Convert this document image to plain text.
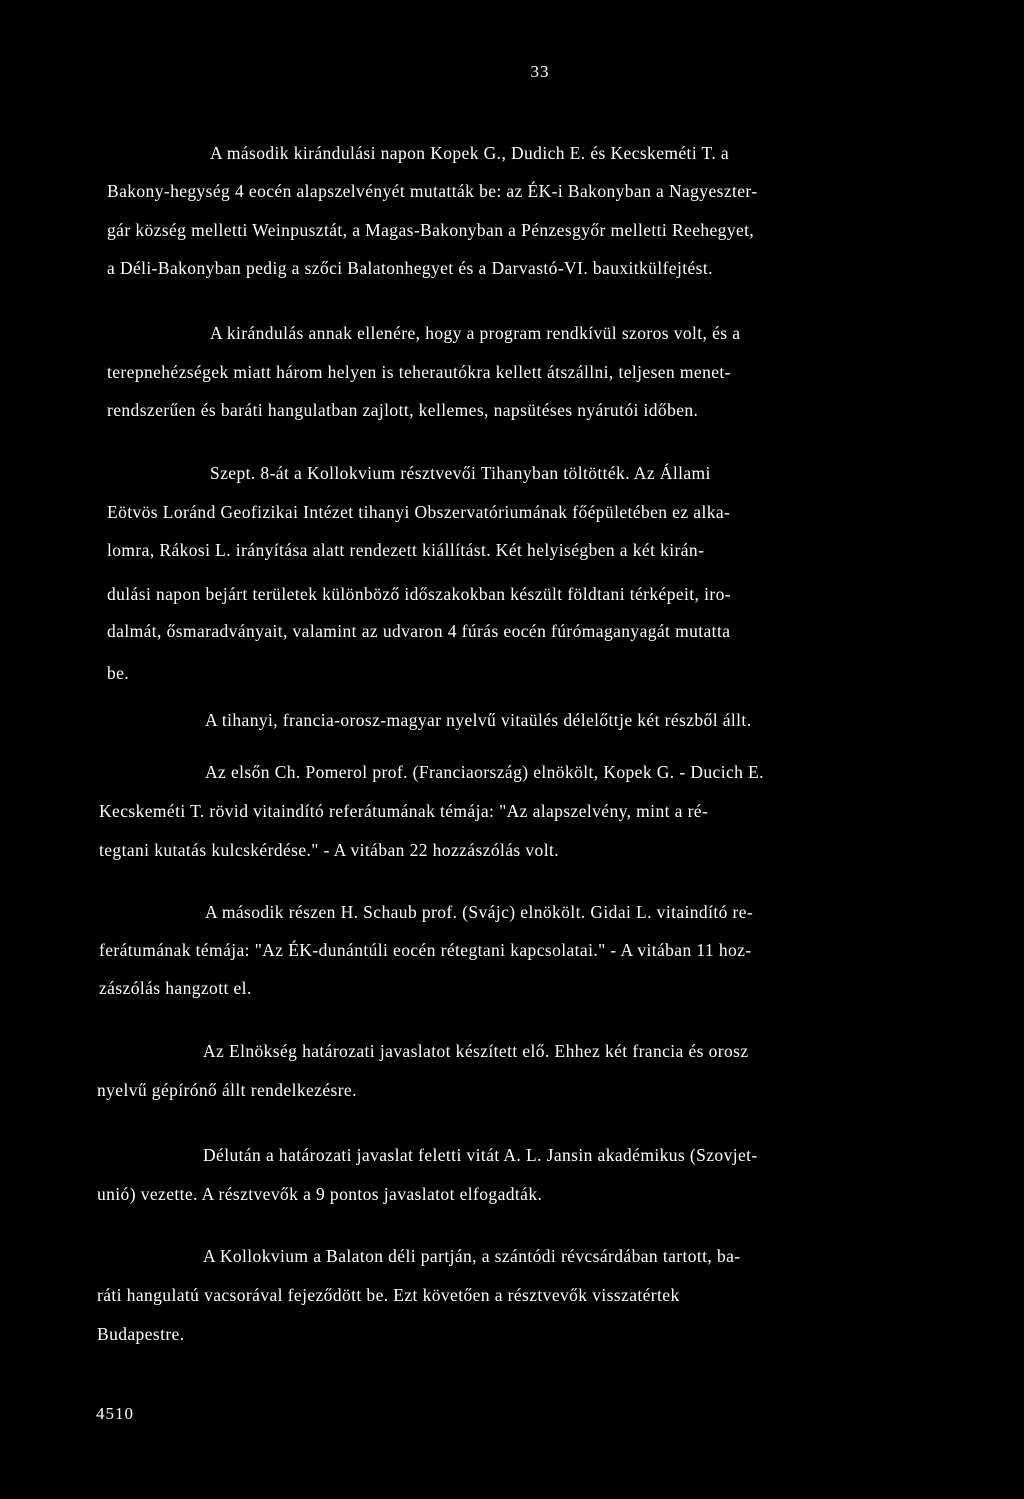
33
A második kirándulási napon Kopek G., Dudich E. és Kecskeméti T. a
Bakony-hegység 4 eocén alapszelvényét mutatták be: az ÉK-i Bakonyban a Nagyeszter-
gár község melletti Weinpusztát, a Magas-Bakonyban a Pénzesgyőr melletti Reehegyet,
a Déli-Bakonyban pedig a szőci Balatonhegyet és a Darvastó-VI. bauxitkülfejtést.
A kirándulás annak ellenére, hogy a program rendkívül szoros volt, és a
terepnehézségek miatt három helyen is teherautókra kellett átszállni, teljesen menet-
rendszerűen és baráti hangulatban zajlott, kellemes, napsütéses nyárutói időben.
Szept. 8-át a Kollokvium résztvevői Tihanyban töltötték. Az Állami
Eötvös Loránd Geofizikai Intézet tihanyi Obszervatóriumának főépületében ez alka-
lomra, Rákosi L. irányítása alatt rendezett kiállítást. Két helyiségben a két kirán-
dulási napon bejárt területek különböző időszakokban készült földtani térképeit, iro-
dalmát, ősmaradványait, valamint az udvaron 4 fúrás eocén fúrómaganyagát mutatta
be.
A tihanyi, francia-orosz-magyar nyelvű vitaülés délelőttje két részből állt.
Az elsőn Ch. Pomerol prof. (Franciaország) elnökölt, Kopek G. - Ducich E.
Kecskeméti T. rövid vitaindító referátumának témája: "Az alapszelvény, mint a ré-
tegtani kutatás kulcskérdése." - A vitában 22 hozzászólás volt.
A második részen H. Schaub prof. (Svájc) elnökölt. Gidai L. vitaindító re-
ferátumának témája: "Az ÉK-dunántúli eocén rétegtani kapcsolatai." - A vitában 11 hoz-
zászólás hangzott el.
Az Elnökség határozati javaslatot készített elő. Ehhez két francia és orosz
nyelvű gépírónő állt rendelkezésre.
Délután a határozati javaslat feletti vitát A. L. Jansin akadémikus (Szovjet-
unió) vezette. A résztvevők a 9 pontos javaslatot elfogadták.
A Kollokvium a Balaton déli partján, a szántódi révcsárdában tartott, ba-
ráti hangulatú vacsorával fejeződött be. Ezt követően a résztvevők visszatértek
Budapestre.
4510
